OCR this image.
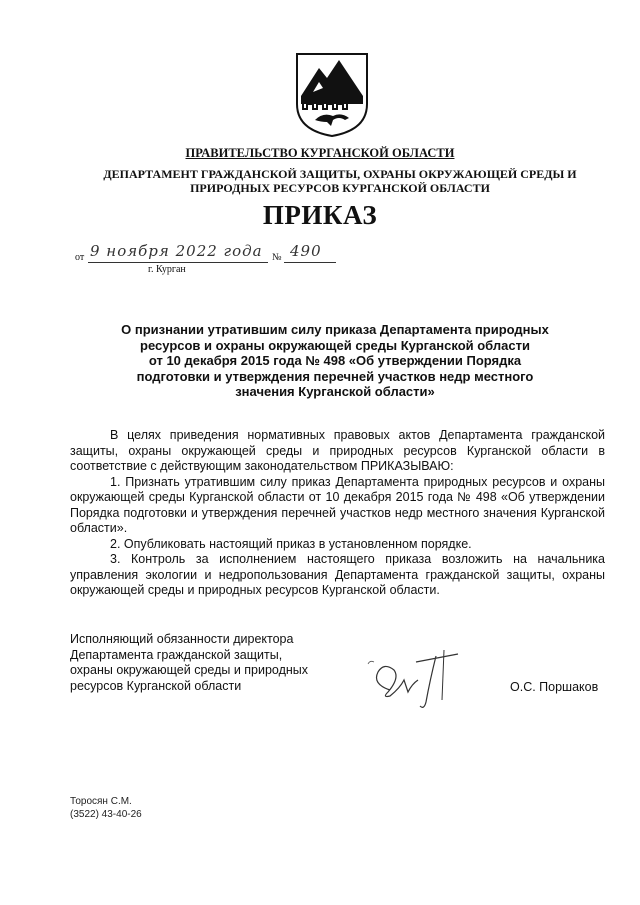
ПРАВИТЕЛЬСТВО КУРГАНСКОЙ ОБЛАСТИ
ДЕПАРТАМЕНТ ГРАЖДАНСКОЙ ЗАЩИТЫ, ОХРАНЫ ОКРУЖАЮЩЕЙ СРЕДЫ И
ПРИРОДНЫХ РЕСУРСОВ КУРГАНСКОЙ ОБЛАСТИ
ПРИКАЗ
от 9 ноября 2022 года № 490
г. Курган
О признании утратившим силу приказа Департамента природных
ресурсов и охраны окружающей среды Курганской области
от 10 декабря 2015 года № 498 «Об утверждении Порядка
подготовки и утверждения перечней участков недр местного
значения Курганской области»

В целях приведения нормативных правовых актов Департамента гражданской защиты, охраны окружающей среды и природных ресурсов Курганской области в соответствие с действующим законодательством ПРИКАЗЫВАЮ:

1. Признать утратившим силу приказ Департамента природных ресурсов и охраны окружающей среды Курганской области от 10 декабря 2015 года № 498 «Об утверждении Порядка подготовки и утверждения перечней участков недр местного значения Курганской области».

2. Опубликовать настоящий приказ в установленном порядке.

3. Контроль за исполнением настоящего приказа возложить на начальника управления экологии и недропользования Департамента гражданской защиты, охраны окружающей среды и природных ресурсов Курганской области.

Исполняющий обязанности директора
Департамента гражданской защиты,
охраны окружающей среды и природных
ресурсов Курганской области	О.С. Поршаков
Торосян С.М.
(3522) 43-40-26
